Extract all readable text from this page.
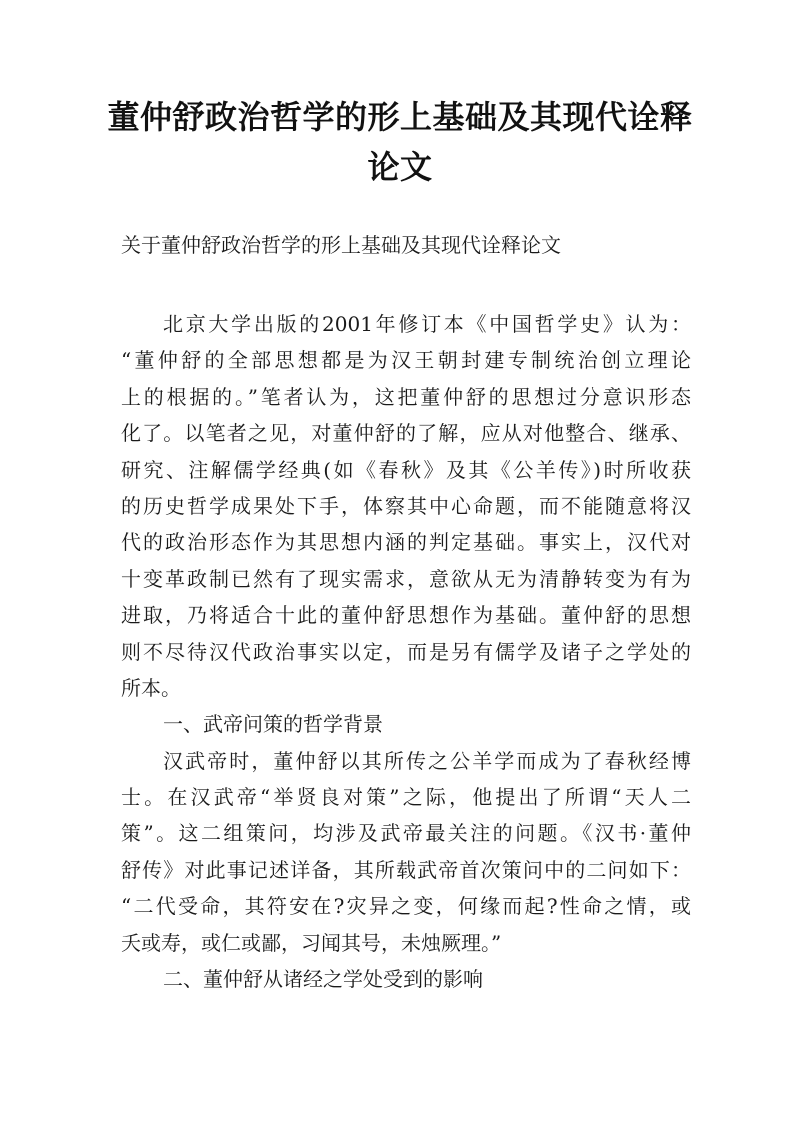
董仲舒政治哲学的形上基础及其现代诠释
论文

关于董仲舒政治哲学的形上基础及其现代诠释论文

北京大学出版的2001年修订本《中国哲学史》认为：
“董仲舒的全部思想都是为汉王朝封建专制统治创立理论
上的根据的。”笔者认为，这把董仲舒的思想过分意识形态
化了。以笔者之见，对董仲舒的了解，应从对他整合、继承、
研究、注解儒学经典(如《春秋》及其《公羊传》)时所收获
的历史哲学成果处下手，体察其中心命题，而不能随意将汉
代的政治形态作为其思想内涵的判定基础。事实上，汉代对
十变革政制已然有了现实需求，意欲从无为清静转变为有为
进取，乃将适合十此的董仲舒思想作为基础。董仲舒的思想
则不尽待汉代政治事实以定，而是另有儒学及诸子之学处的
所本。
一、武帝问策的哲学背景
汉武帝时，董仲舒以其所传之公羊学而成为了春秋经博
士。在汉武帝“举贤良对策”之际，他提出了所谓“天人二
策”。这二组策问，均涉及武帝最关注的问题。《汉书·董仲
舒传》对此事记述详备，其所载武帝首次策问中的二问如下：
“二代受命，其符安在?灾异之变，何缘而起?性命之情，或
夭或寿，或仁或鄙，习闻其号，未烛厥理。”
二、董仲舒从诸经之学处受到的影响
